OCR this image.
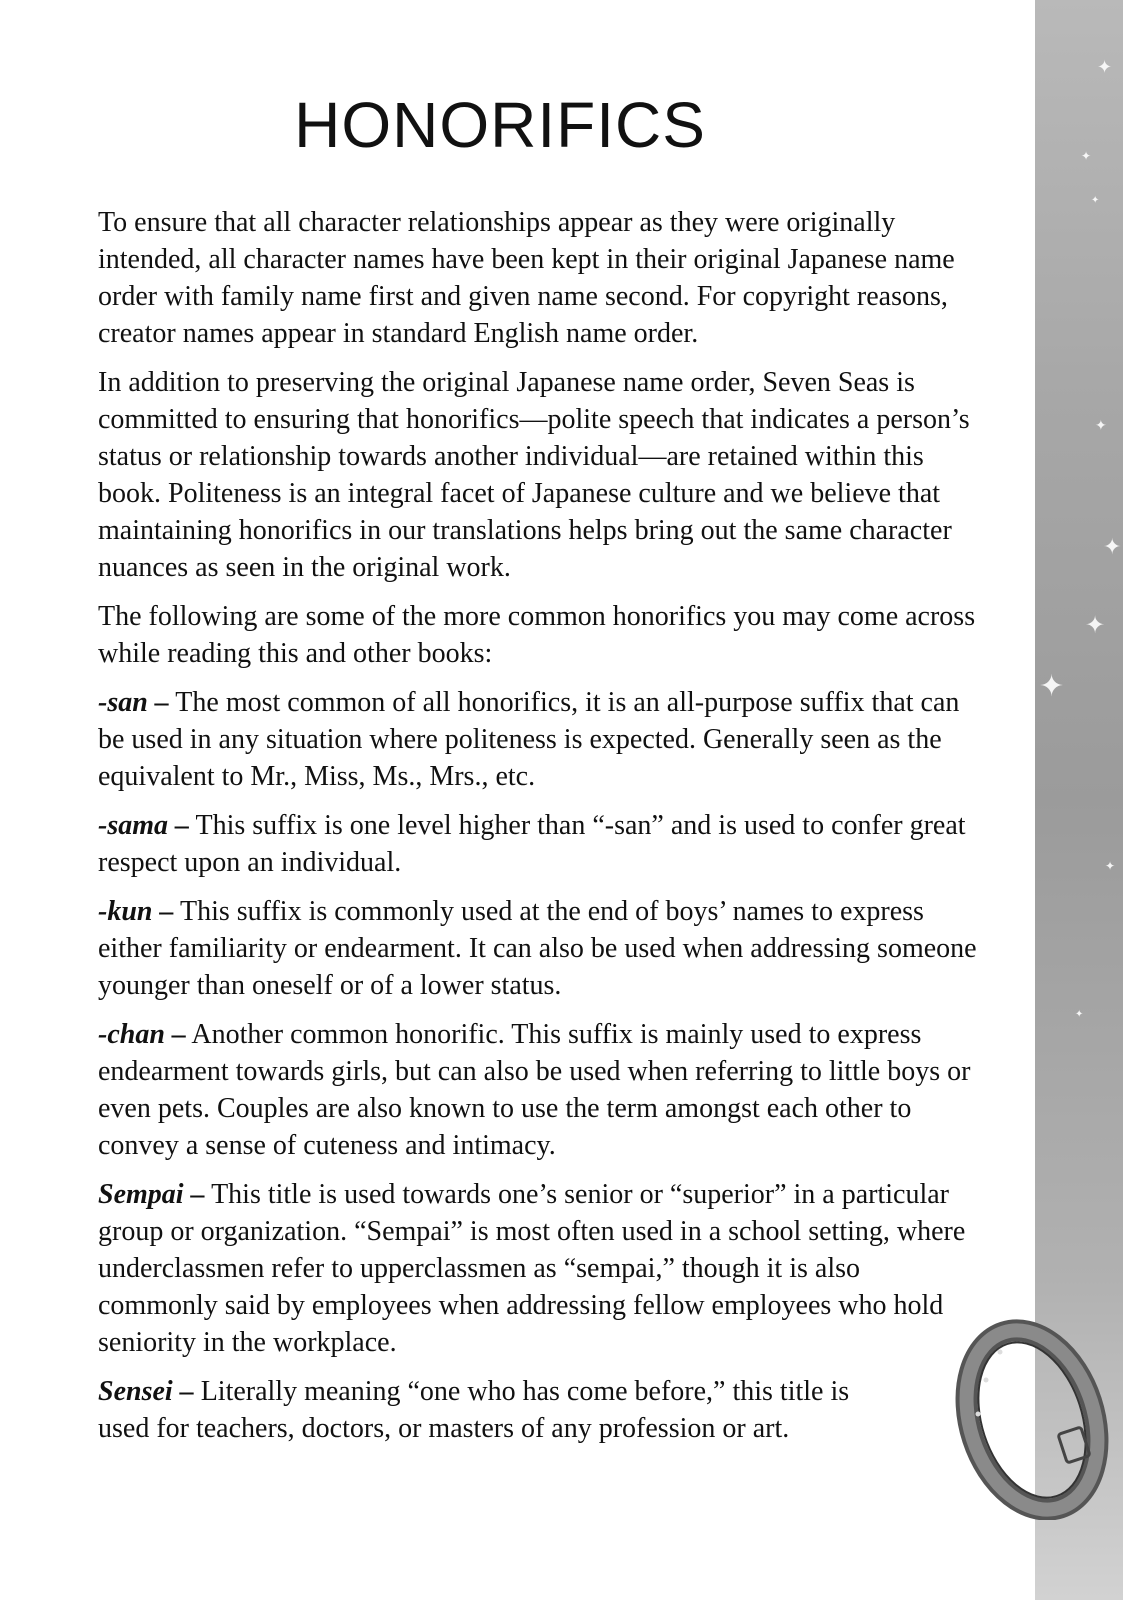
✦
✦
✦
✦
✦
✦
✦
✦
✦
HONORIFICS

To ensure that all character relationships appear as they were originally intended, all character names have been kept in their original Japanese name order with family name first and given name second. For copyright reasons, creator names appear in standard English name order.

In addition to preserving the original Japanese name order, Seven Seas is committed to ensuring that honorifics—polite speech that indicates a person’s status or relationship towards another individual—are retained within this book. Politeness is an integral facet of Japanese culture and we believe that maintaining honorifics in our translations helps bring out the same character nuances as seen in the original work.

The following are some of the more common honorifics you may come across while reading this and other books:

-san – The most common of all honorifics, it is an all-purpose suffix that can be used in any situation where politeness is expected. Generally seen as the equivalent to Mr., Miss, Ms., Mrs., etc.

-sama – This suffix is one level higher than “-san” and is used to confer great respect upon an individual.

-kun – This suffix is commonly used at the end of boys’ names to express either familiarity or endearment. It can also be used when addressing someone younger than oneself or of a lower status.

-chan – Another common honorific. This suffix is mainly used to express endearment towards girls, but can also be used when referring to little boys or even pets. Couples are also known to use the term amongst each other to convey a sense of cuteness and intimacy.

Sempai – This title is used towards one’s senior or “superior” in a particular group or organization. “Sempai” is most often used in a school setting, where underclassmen refer to upperclassmen as “sempai,” though it is also commonly said by employees when addressing fellow employees who hold seniority in the workplace.

Sensei – Literally meaning “one who has come before,” this title is used for teachers, doctors, or masters of any profession or art.
